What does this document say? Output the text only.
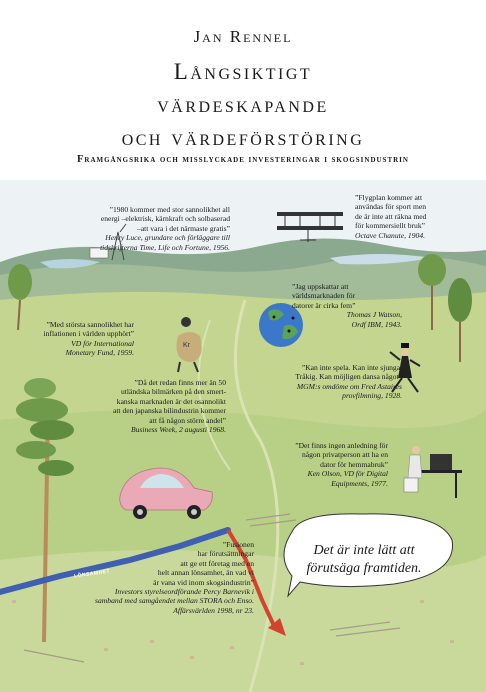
Jan Rennel
Långsiktigt
värdeskapande
och värdeförstöring
Framgångsrika och misslyckade investeringar i skogsindustrin
”1980 kommer med stor sannolikhet all
energi –elektrisk, kärnkraft och solbaserad
–att vara i det närmaste gratis”
Henry Luce, grundare och förläggare till
tidskrifterna Time, Life och Fortune, 1956.
”Flygplan kommer att
användas för sport men
de är inte att räkna med
för kommersiellt bruk”
Octave Chanute, 1904.
”Jag uppskattar att
världsmarknaden för
datorer är cirka fem”
Thomas J Watson,
Ordf IBM, 1943.
”Med största sannolikhet har
inflationen i världen upphört”
VD för International
Monetary Fund, 1959.
”Kan inte spela. Kan inte sjunga.
Tråkig. Kan möjligen dansa något”
MGM:s omdöme om Fred Astaires
provfilmning, 1928.
”Då det redan finns mer än 50
utländska bilmärken på den smert-
kanska marknaden är det osannolikt
att den japanska bilindustrin kommer
att få någon större andel”
Business Week, 2 augusti 1968.
”Det finns ingen anledning för
någon privatperson att ha en
dator för hemmabruk”
Ken Olson, VD för Digital
Equipments, 1977.
”Fusionen
har förutsättningar
att ge ett företag med en
helt annan lönsamhet, än vad vi
är vana vid inom skogsindustrin”
Investors styrelseordförande Percy Barnevik i
samband med samgåendet mellan STORA och Enso.
Affärsvärlden 1998, nr 23.
Det är inte lätt att
förutsäga framtiden.
LÖNSAMHET
Kr
